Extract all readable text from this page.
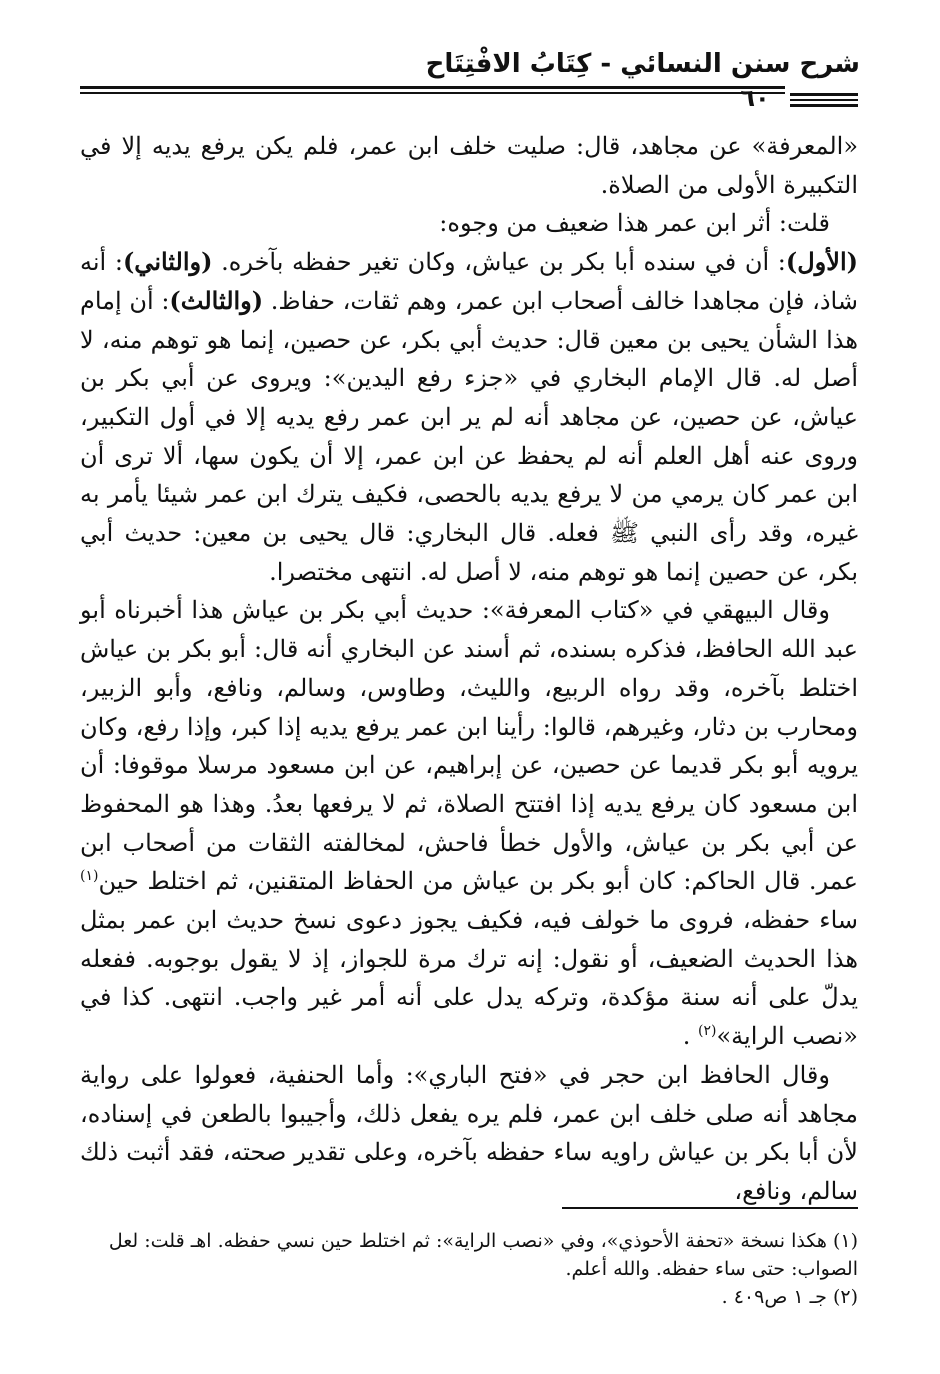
شرح سنن النسائي - كِتَابُ الافْتِتَاح
٦٠

«المعرفة» عن مجاهد، قال: صليت خلف ابن عمر، فلم يكن يرفع يديه إلا في التكبيرة الأولى من الصلاة.

قلت: أثر ابن عمر هذا ضعيف من وجوه:

(الأول): أن في سنده أبا بكر بن عياش، وكان تغير حفظه بآخره. (والثاني): أنه شاذ، فإن مجاهدا خالف أصحاب ابن عمر، وهم ثقات، حفاظ. (والثالث): أن إمام هذا الشأن يحيى بن معين قال: حديث أبي بكر، عن حصين، إنما هو توهم منه، لا أصل له. قال الإمام البخاري في «جزء رفع اليدين»: ويروى عن أبي بكر بن عياش، عن حصين، عن مجاهد أنه لم ير ابن عمر رفع يديه إلا في أول التكبير، وروى عنه أهل العلم أنه لم يحفظ عن ابن عمر، إلا أن يكون سها، ألا ترى أن ابن عمر كان يرمي من لا يرفع يديه بالحصى، فكيف يترك ابن عمر شيئا يأمر به غيره، وقد رأى النبي ﷺ فعله. قال البخاري: قال يحيى بن معين: حديث أبي بكر، عن حصين إنما هو توهم منه، لا أصل له. انتهى مختصرا.

وقال البيهقي في «كتاب المعرفة»: حديث أبي بكر بن عياش هذا أخبرناه أبو عبد الله الحافظ، فذكره بسنده، ثم أسند عن البخاري أنه قال: أبو بكر بن عياش اختلط بآخره، وقد رواه الربيع، والليث، وطاوس، وسالم، ونافع، وأبو الزبير، ومحارب بن دثار، وغيرهم، قالوا: رأينا ابن عمر يرفع يديه إذا كبر، وإذا رفع، وكان يرويه أبو بكر قديما عن حصين، عن إبراهيم، عن ابن مسعود مرسلا موقوفا: أن ابن مسعود كان يرفع يديه إذا افتتح الصلاة، ثم لا يرفعها بعدُ. وهذا هو المحفوظ عن أبي بكر بن عياش، والأول خطأ فاحش، لمخالفته الثقات من أصحاب ابن عمر. قال الحاكم: كان أبو بكر بن عياش من الحفاظ المتقنين، ثم اختلط حين$^{(١)}$ ساء حفظه، فروى ما خولف فيه، فكيف يجوز دعوى نسخ حديث ابن عمر بمثل هذا الحديث الضعيف، أو نقول: إنه ترك مرة للجواز، إذ لا يقول بوجوبه. ففعله يدلّ على أنه سنة مؤكدة، وتركه يدل على أنه أمر غير واجب. انتهى. كذا في «نصب الراية»$^{(٢)}$ .

وقال الحافظ ابن حجر في «فتح الباري»: وأما الحنفية، فعولوا على رواية مجاهد أنه صلى خلف ابن عمر، فلم يره يفعل ذلك، وأجيبوا بالطعن في إسناده، لأن أبا بكر بن عياش راويه ساء حفظه بآخره، وعلى تقدير صحته، فقد أثبت ذلك سالم، ونافع،

(١) هكذا نسخة «تحفة الأحوذي»، وفي «نصب الراية»: ثم اختلط حين نسي حفظه. اهـ قلت: لعل الصواب: حتى ساء حفظه. والله أعلم.

(٢) جـ ١ ص٤٠٩ .
